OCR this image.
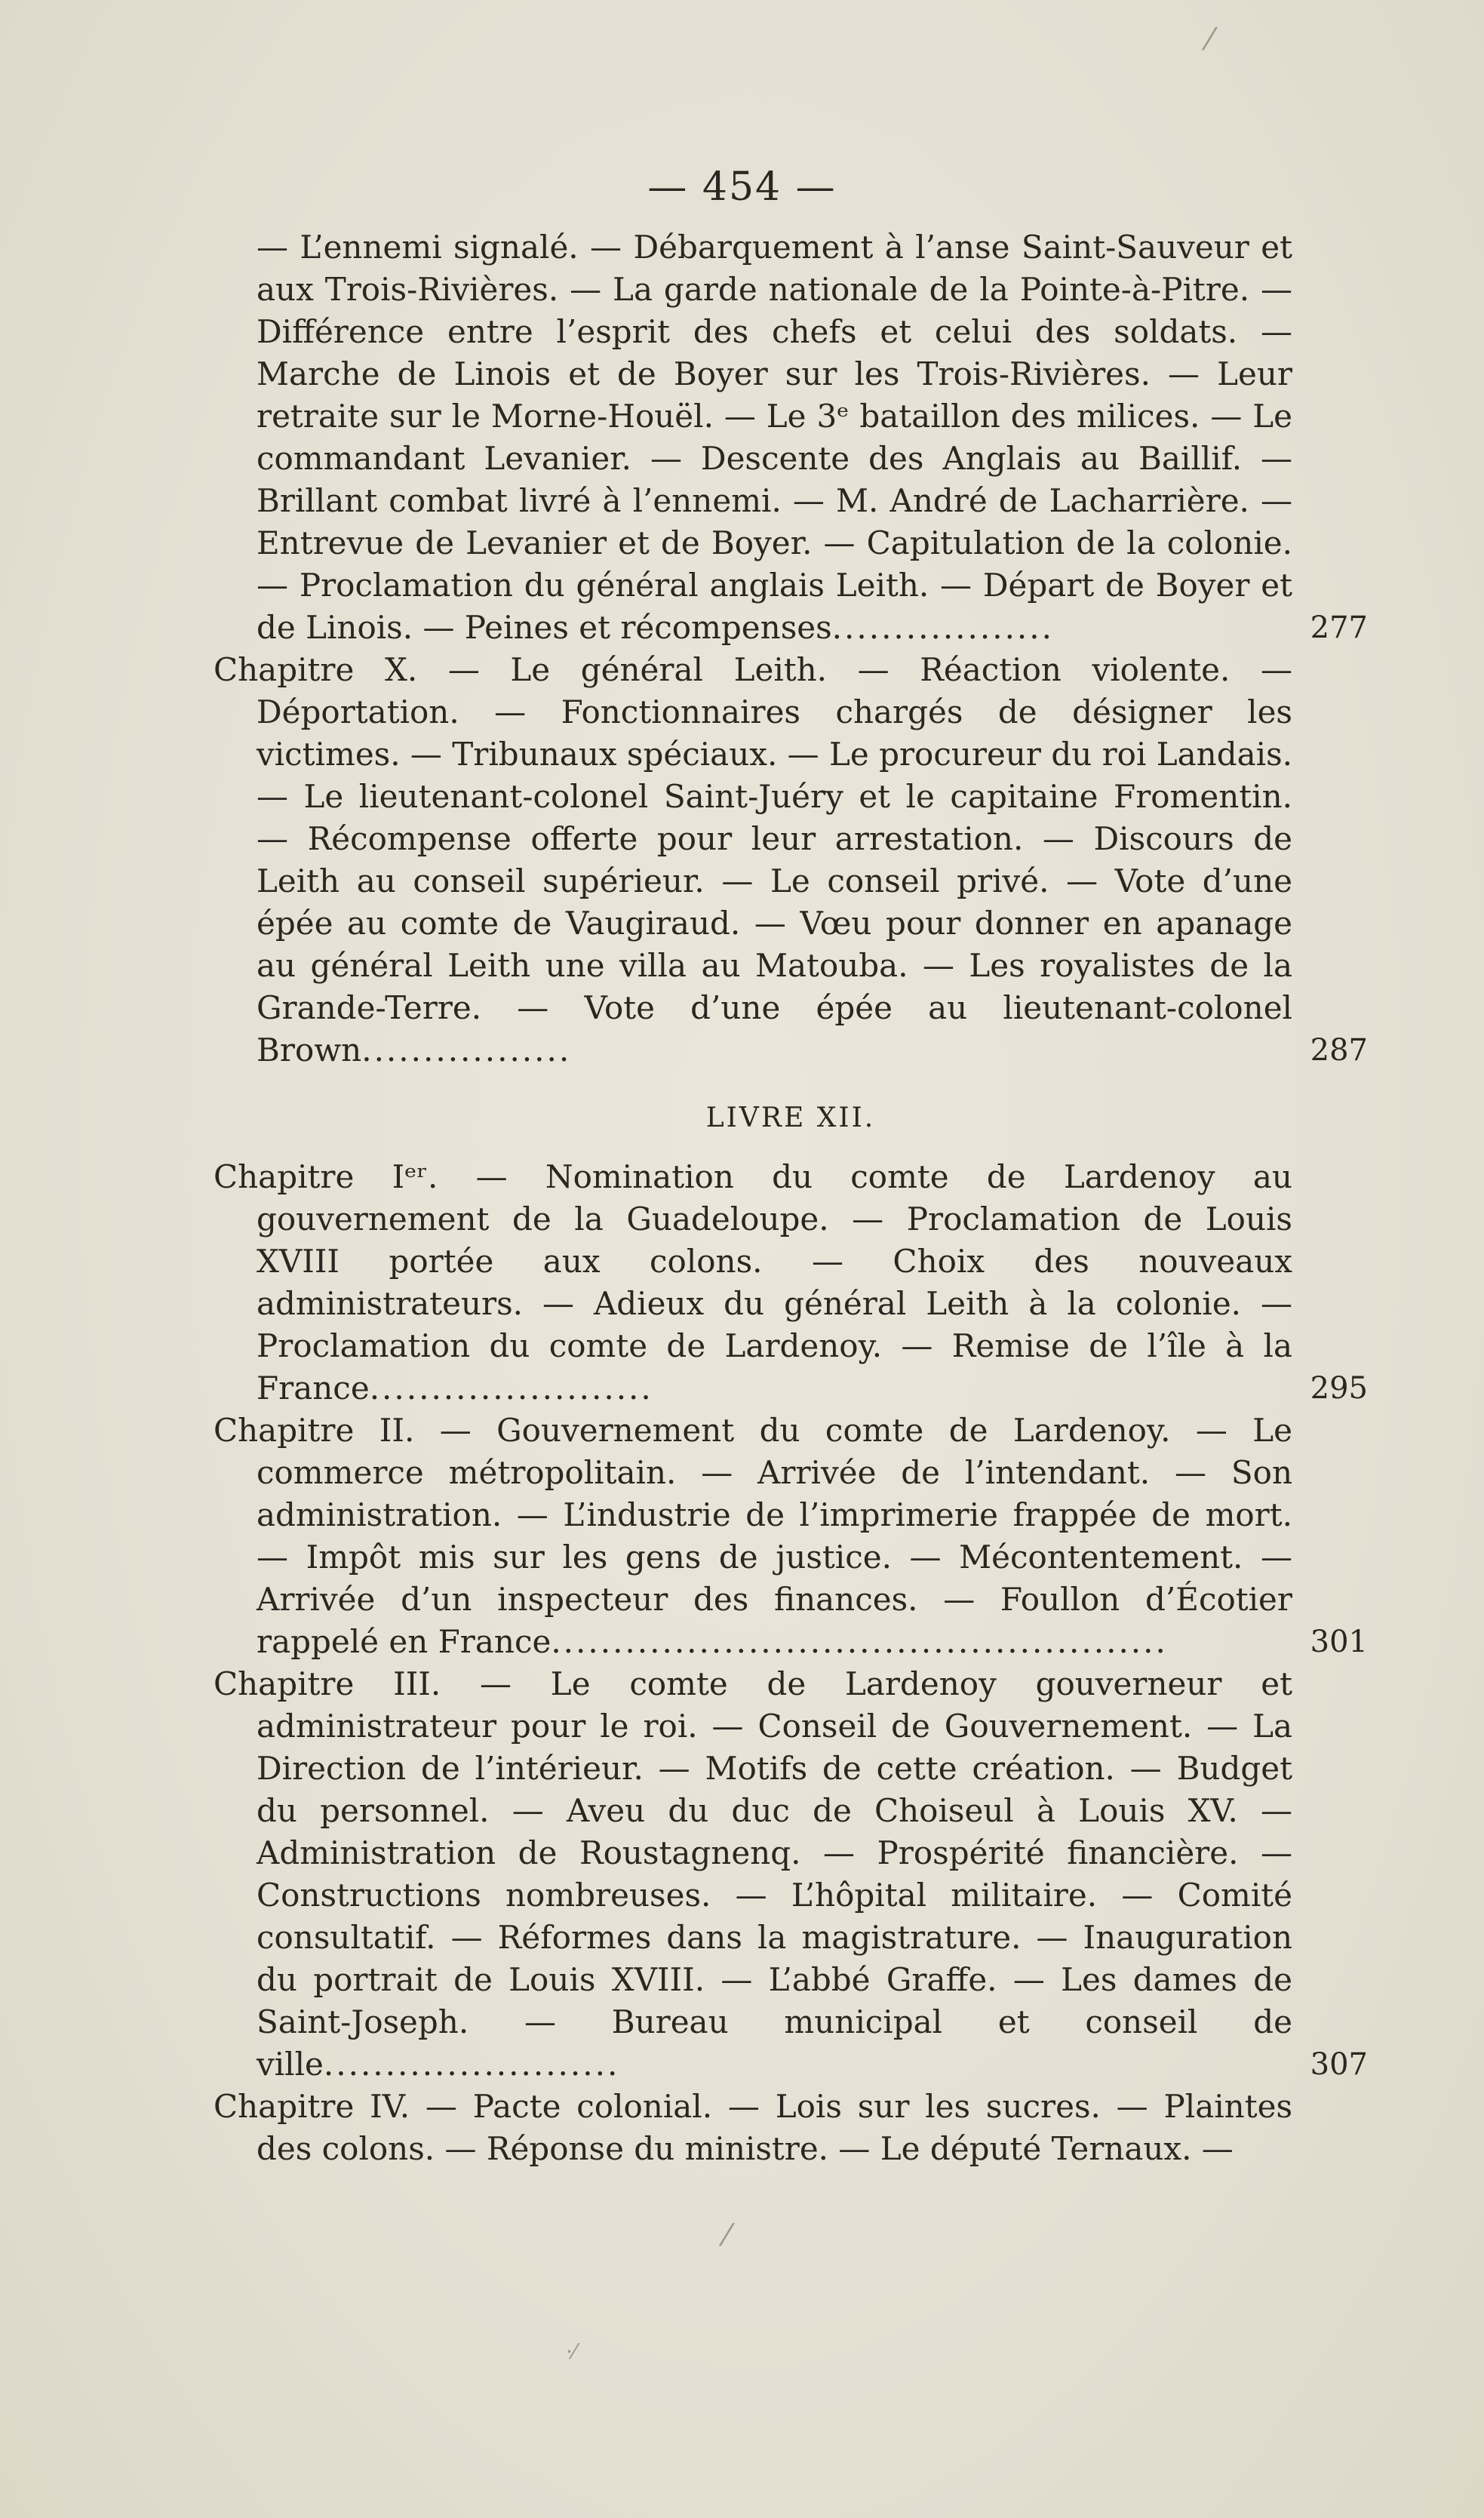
— 454 —

— L’ennemi signalé. — Débarquement à l’anse Saint-Sauveur et aux Trois-Rivières. — La garde nationale de la Pointe-à-Pitre. — Différence entre l’esprit des chefs et celui des soldats. — Marche de Linois et de Boyer sur les Trois-Rivières. — Leur retraite sur le Morne-Houël. — Le 3ᵉ bataillon des milices. — Le commandant Levanier. — Descente des Anglais au Baillif. — Brillant combat livré à l’ennemi. — M. André de Lacharrière. — Entrevue de Levanier et de Boyer. — Capitulation de la colonie. — Proclamation du général anglais Leith. — Départ de Boyer et de Linois. — Peines et récompenses..................	277

Chapitre X. — Le général Leith. — Réaction violente. — Déportation. — Fonctionnaires chargés de désigner les victimes. — Tribunaux spéciaux. — Le procureur du roi Landais. — Le lieutenant-colonel Saint-Juéry et le capitaine Fromentin. — Récompense offerte pour leur arrestation. — Discours de Leith au conseil supérieur. — Le conseil privé. — Vote d’une épée au comte de Vaugiraud. — Vœu pour donner en apanage au général Leith une villa au Matouba. — Les royalistes de la Grande-Terre. — Vote d’une épée au lieutenant-colonel Brown.................	287

LIVRE XII.

Chapitre Iᵉʳ. — Nomination du comte de Lardenoy au gouvernement de la Guadeloupe. — Proclamation de Louis XVIII portée aux colons. — Choix des nouveaux administrateurs. — Adieux du général Leith à la colonie. — Proclamation du comte de Lardenoy. — Remise de l’île à la France.......................	295

Chapitre II. — Gouvernement du comte de Lardenoy. — Le commerce métropolitain. — Arrivée de l’intendant. — Son administration. — L’industrie de l’imprimerie frappée de mort. — Impôt mis sur les gens de justice. — Mécontentement. — Arrivée d’un inspecteur des finances. — Foullon d’Écotier rappelé en France..................................................	301

Chapitre III. — Le comte de Lardenoy gouverneur et administrateur pour le roi. — Conseil de Gouvernement. — La Direction de l’intérieur. — Motifs de cette création. — Budget du personnel. — Aveu du duc de Choiseul à Louis XV. — Administration de Roustagnenq. — Prospérité financière. — Constructions nombreuses. — L’hôpital militaire. — Comité consultatif. — Réformes dans la magistrature. — Inauguration du portrait de Louis XVIII. — L’abbé Graffe. — Les dames de Saint-Joseph. — Bureau municipal et conseil de ville........................	307

Chapitre IV. — Pacte colonial. — Lois sur les sucres. — Plaintes des colons. — Réponse du ministre. — Le député Ternaux. —

⁄
⁄
·⁄
